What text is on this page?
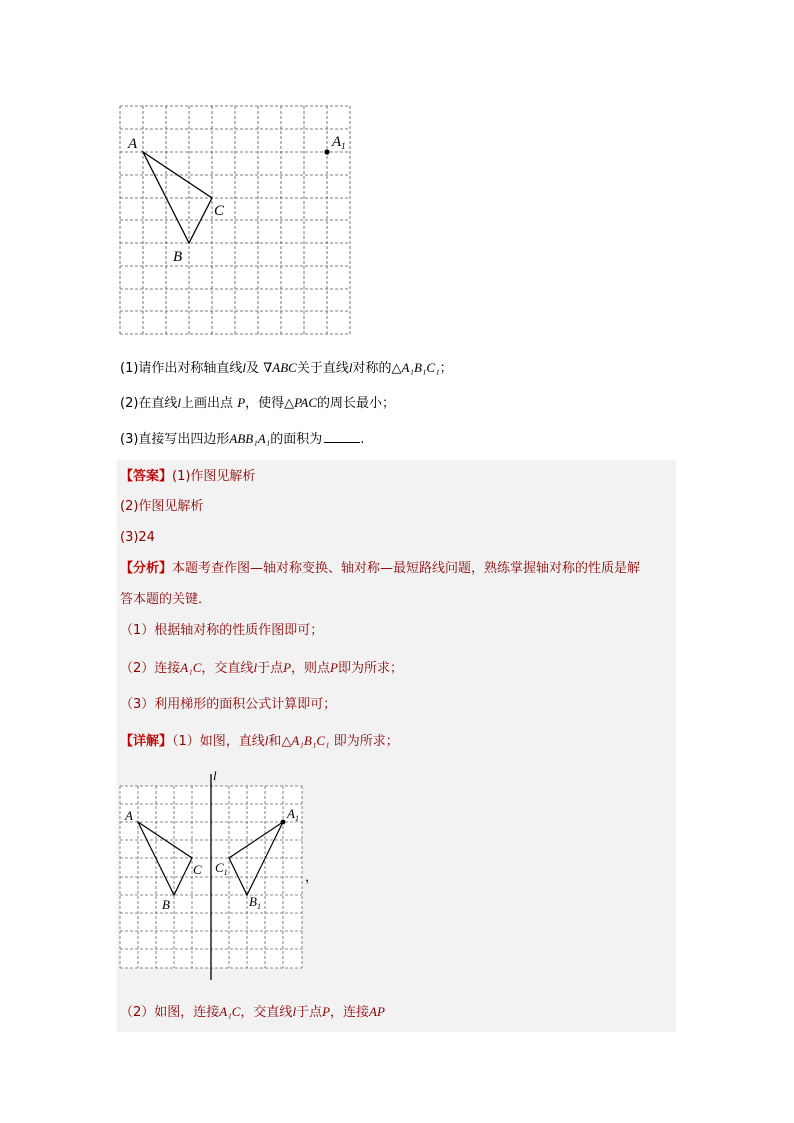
A	$A_1$
B
C
(1)请作出对称轴直线l及 ∇ABC关于直线l对称的△A₁B₁C₁；
(2)在直线l上画出点 P，使得△PAC的周长最小；
(3)直接写出四边形ABB₁A₁的面积为	.
【答案】(1)作图见解析
(2)作图见解析
(3)24
【分析】本题考查作图—轴对称变换、轴对称—最短路线问题，熟练掌握轴对称的性质是解
答本题的关键．
（1）根据轴对称的性质作图即可；
（2）连接A₁C，交直线l于点P，则点P即为所求；
（3）利用梯形的面积公式计算即可；
【详解】（1）如图，直线l和△A₁B₁C₁ 即为所求；
l
A	$A_1$
C $C_1$
B	$B_1$
，
（2）如图，连接A₁C，交直线l于点P，连接AP
